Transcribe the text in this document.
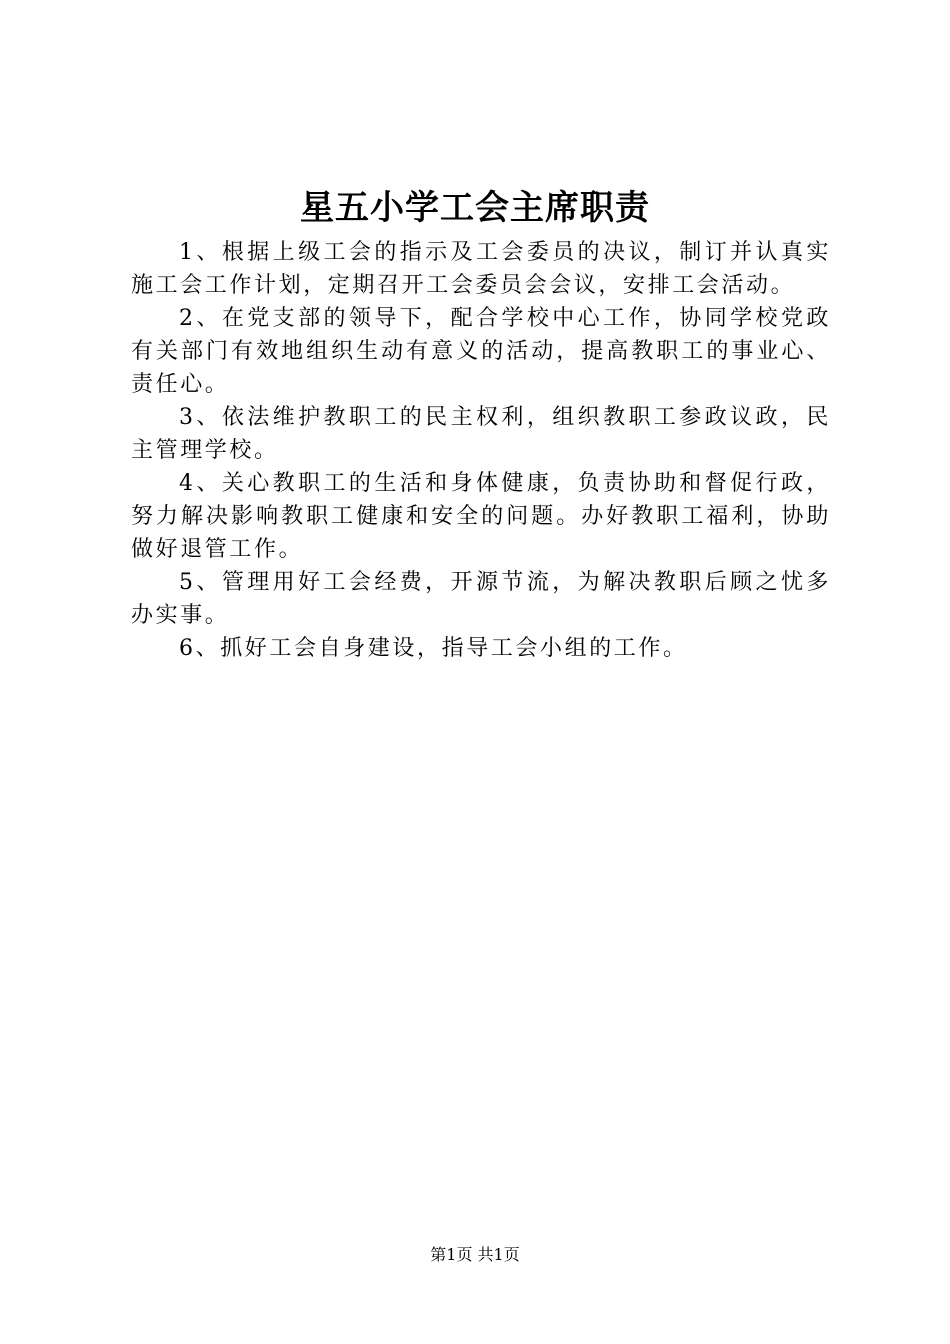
星五小学工会主席职责

1、根据上级工会的指示及工会委员的决议，制订并认真实施工会工作计划，定期召开工会委员会会议，安排工会活动。

2、在党支部的领导下，配合学校中心工作，协同学校党政有关部门有效地组织生动有意义的活动，提高教职工的事业心、责任心。

3、依法维护教职工的民主权利，组织教职工参政议政，民主管理学校。

4、关心教职工的生活和身体健康，负责协助和督促行政，努力解决影响教职工健康和安全的问题。办好教职工福利，协助做好退管工作。

5、管理用好工会经费，开源节流，为解决教职后顾之忧多办实事。

6、抓好工会自身建设，指导工会小组的工作。

第1页 共1页
